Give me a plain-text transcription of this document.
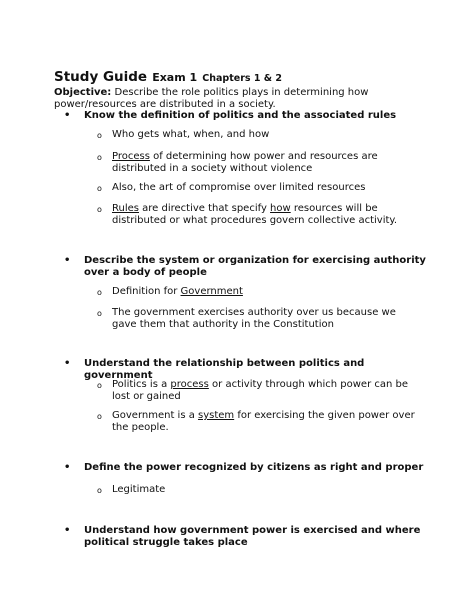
Study Guide Exam 1 Chapters 1 & 2
Objective: Describe the role politics plays in determining how power/resources are distributed in a society.
• Know the definition of politics and the associated rules
o Who gets what, when, and how
o Process of determining how power and resources are distributed in a society without violence
o Also, the art of compromise over limited resources
o Rules are directive that specify how resources will be distributed or what procedures govern collective activity.
• Describe the system or organization for exercising authority over a body of people
o Definition for Government
o The government exercises authority over us because we gave them that authority in the Constitution
• Understand the relationship between politics and government
o Politics is a process or activity through which power can be lost or gained
o Government is a system for exercising the given power over the people.
• Define the power recognized by citizens as right and proper
o Legitimate
• Understand how government power is exercised and where political struggle takes place
